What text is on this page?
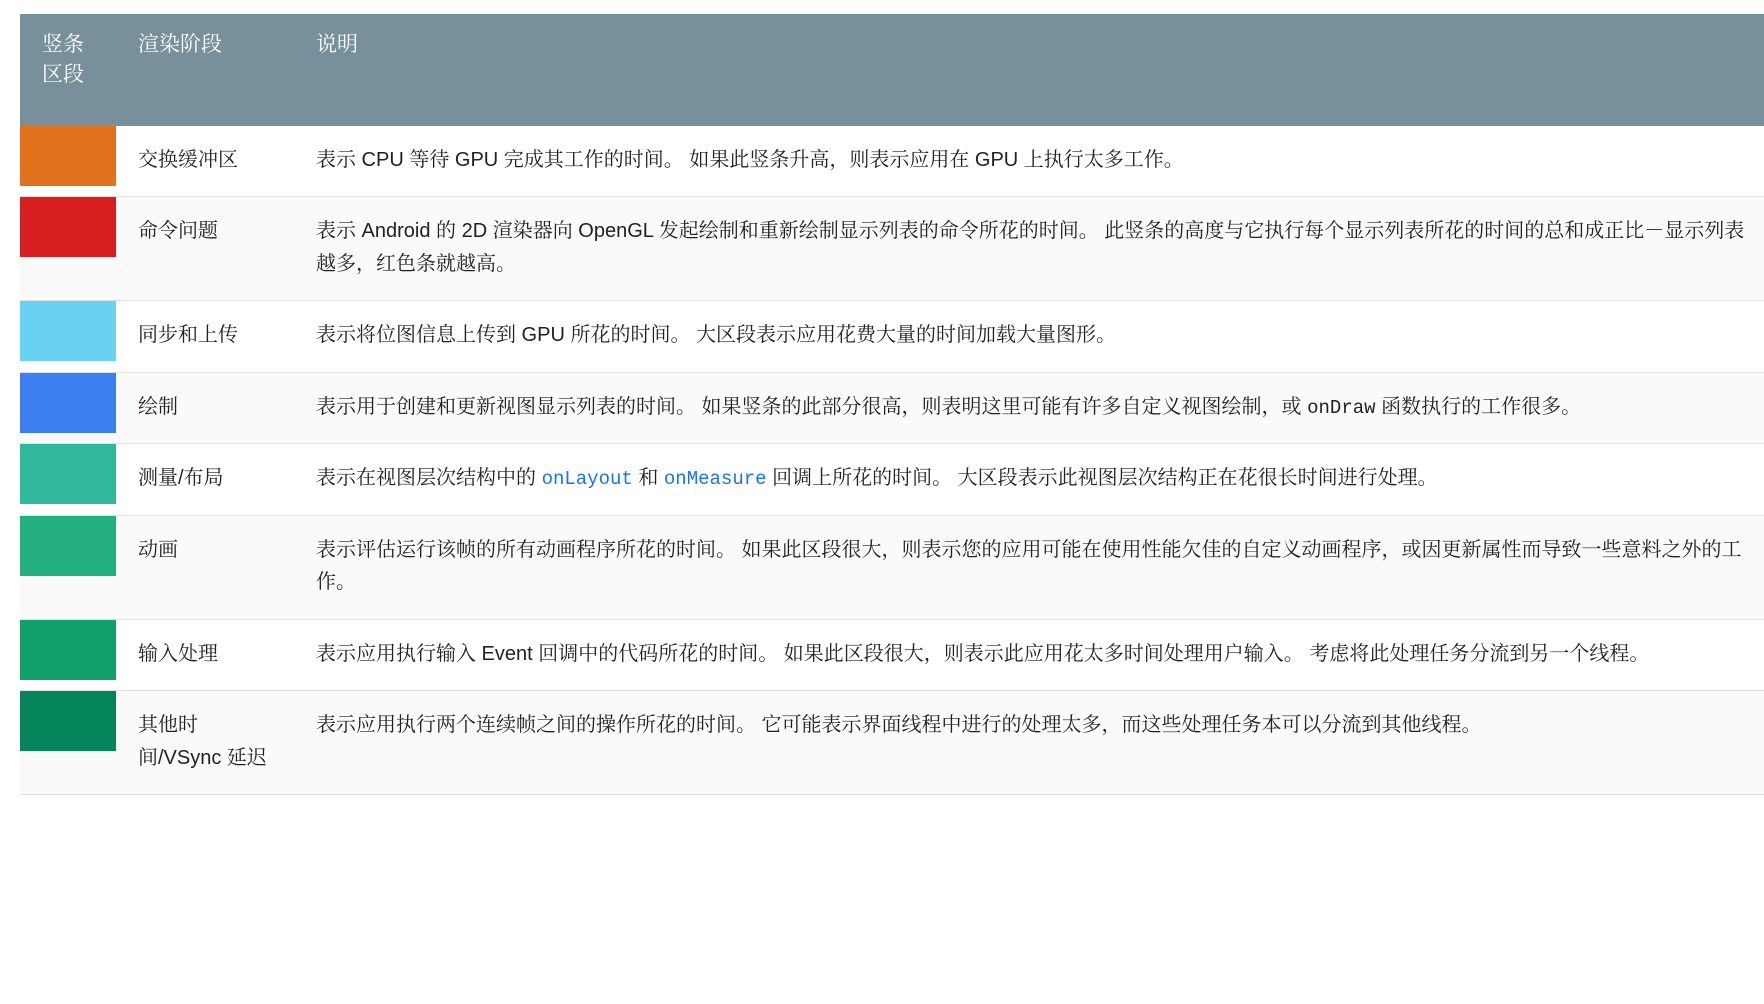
竖条
区段	渲染阶段	说明

	交换缓冲区	表示 CPU 等待 GPU 完成其工作的时间。 如果此竖条升高，则表示应用在 GPU 上执行太多工作。

	命令问题	表示 Android 的 2D 渲染器向 OpenGL 发起绘制和重新绘制显示列表的命令所花的时间。 此竖条的高度与它执行每个显示列表所花的时间的总和成正比－显示列表越多，红色条就越高。

	同步和上传	表示将位图信息上传到 GPU 所花的时间。 大区段表示应用花费大量的时间加载大量图形。

	绘制	表示用于创建和更新视图显示列表的时间。 如果竖条的此部分很高，则表明这里可能有许多自定义视图绘制，或 onDraw 函数执行的工作很多。

	测量/布局	表示在视图层次结构中的 onLayout 和 onMeasure 回调上所花的时间。 大区段表示此视图层次结构正在花很长时间进行处理。

	动画	表示评估运行该帧的所有动画程序所花的时间。 如果此区段很大，则表示您的应用可能在使用性能欠佳的自定义动画程序，或因更新属性而导致一些意料之外的工作。

	输入处理	表示应用执行输入 Event 回调中的代码所花的时间。 如果此区段很大，则表示此应用花太多时间处理用户输入。 考虑将此处理任务分流到另一个线程。

	其他时间/VSync 延迟	表示应用执行两个连续帧之间的操作所花的时间。 它可能表示界面线程中进行的处理太多，而这些处理任务本可以分流到其他线程。
